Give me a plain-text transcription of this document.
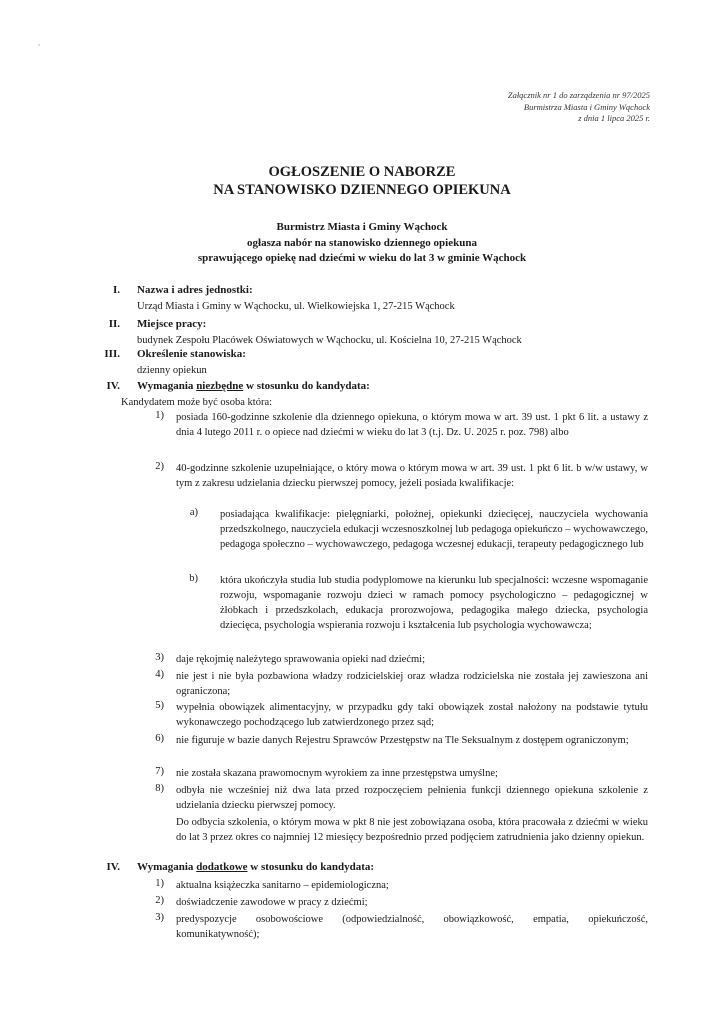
,
Załącznik nr 1 do zarządzenia nr 97/2025
Burmistrza Miasta i Gminy Wąchock
z dnia 1 lipca 2025 r.
OGŁOSZENIE O NABORZE
NA STANOWISKO DZIENNEGO OPIEKUNA
Burmistrz Miasta i Gminy Wąchock
ogłasza nabór na stanowisko dziennego opiekuna
sprawującego opiekę nad dziećmi w wieku do lat 3 w gminie Wąchock
I. Nazwa i adres jednostki:
Urząd Miasta i Gminy w Wąchocku, ul. Wielkowiejska 1, 27-215 Wąchock
II. Miejsce pracy:
budynek Zespołu Placówek Oświatowych w Wąchocku, ul. Kościelna 10, 27-215 Wąchock
III. Określenie stanowiska:
dzienny opiekun
IV. Wymagania niezbędne w stosunku do kandydata:
Kandydatem może być osoba która:
1) posiada 160-godzinne szkolenie dla dziennego opiekuna, o którym mowa w art. 39 ust. 1 pkt 6 lit. a ustawy z dnia 4 lutego 2011 r. o opiece nad dziećmi w wieku do lat 3 (t.j. Dz. U. 2025 r. poz. 798) albo
2) 40-godzinne szkolenie uzupełniające, o który mowa o którym mowa w art. 39 ust. 1 pkt 6 lit. b w/w ustawy, w tym z zakresu udzielania dziecku pierwszej pomocy, jeżeli posiada kwalifikacje:
a) posiadająca kwalifikacje: pielęgniarki, położnej, opiekunki dziecięcej, nauczyciela wychowania przedszkolnego, nauczyciela edukacji wczesnoszkolnej lub pedagoga opiekuńczo – wychowawczego, pedagoga społeczno – wychowawczego, pedagoga wczesnej edukacji, terapeuty pedagogicznego lub
b) która ukończyła studia lub studia podyplomowe na kierunku lub specjalności: wczesne wspomaganie rozwoju, wspomaganie rozwoju dzieci w ramach pomocy psychologiczno – pedagogicznej w żłobkach i przedszkolach, edukacja prorozwojowa, pedagogika małego dziecka, psychologia dziecięca, psychologia wspierania rozwoju i kształcenia lub psychologia wychowawcza;
3) daje rękojmię należytego sprawowania opieki nad dziećmi;
4) nie jest i nie była pozbawiona władzy rodzicielskiej oraz władza rodzicielska nie została jej zawieszona ani ograniczona;
5) wypełnia obowiązek alimentacyjny, w przypadku gdy taki obowiązek został nałożony na podstawie tytułu wykonawczego pochodzącego lub zatwierdzonego przez sąd;
6) nie figuruje w bazie danych Rejestru Sprawców Przestępstw na Tle Seksualnym z dostępem ograniczonym;
7) nie została skazana prawomocnym wyrokiem za inne przestępstwa umyślne;
8) odbyła nie wcześniej niż dwa lata przed rozpoczęciem pełnienia funkcji dziennego opiekuna szkolenie z udzielania dziecku pierwszej pomocy.
Do odbycia szkolenia, o którym mowa w pkt 8 nie jest zobowiązana osoba, która pracowała z dziećmi w wieku do lat 3 przez okres co najmniej 12 miesięcy bezpośrednio przed podjęciem zatrudnienia jako dzienny opiekun.
IV. Wymagania dodatkowe w stosunku do kandydata:
1) aktualna książeczka sanitarno – epidemiologiczna;
2) doświadczenie zawodowe w pracy z dziećmi;
3) predyspozycje osobowościowe (odpowiedzialność, obowiązkowość, empatia, opiekuńczość, komunikatywność);
